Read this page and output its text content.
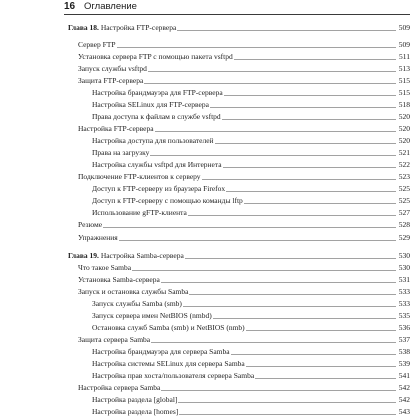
16 Оглавление
Глава 18. Настройка FTP-сервера	509
Сервер FTP	509
Установка сервера FTP с помощью пакета vsftpd	511
Запуск службы vsftpd	513
Защита FTP-сервера	515
Настройка брандмауэра для FTP-сервера	515
Настройка SELinux для FTP-сервера	518
Права доступа к файлам в службе vsftpd	520
Настройка FTP-сервера	520
Настройка доступа для пользователей	520
Права на загрузку	521
Настройка службы vsftpd для Интернета	522
Подключение FTP-клиентов к серверу	523
Доступ к FTP-серверу из браузера Firefox	525
Доступ к FTP-серверу с помощью команды lftp	525
Использование gFTP-клиента	527
Резюме	528
Упражнения	529
Глава 19. Настройка Samba-сервера	530
Что такое Samba	530
Установка Samba-сервера	531
Запуск и остановка службы Samba	533
Запуск службы Samba (smb)	533
Запуск сервера имен NetBIOS (nmbd)	535
Остановка служб Samba (smb) и NetBIOS (nmb)	536
Защита сервера Samba	537
Настройка брандмауэра для сервера Samba	538
Настройка системы SELinux для сервера Samba	539
Настройка прав хоста/пользователя сервера Samba	541
Настройка сервера Samba	542
Настройка раздела [global]	542
Настройка раздела [homes]	543
